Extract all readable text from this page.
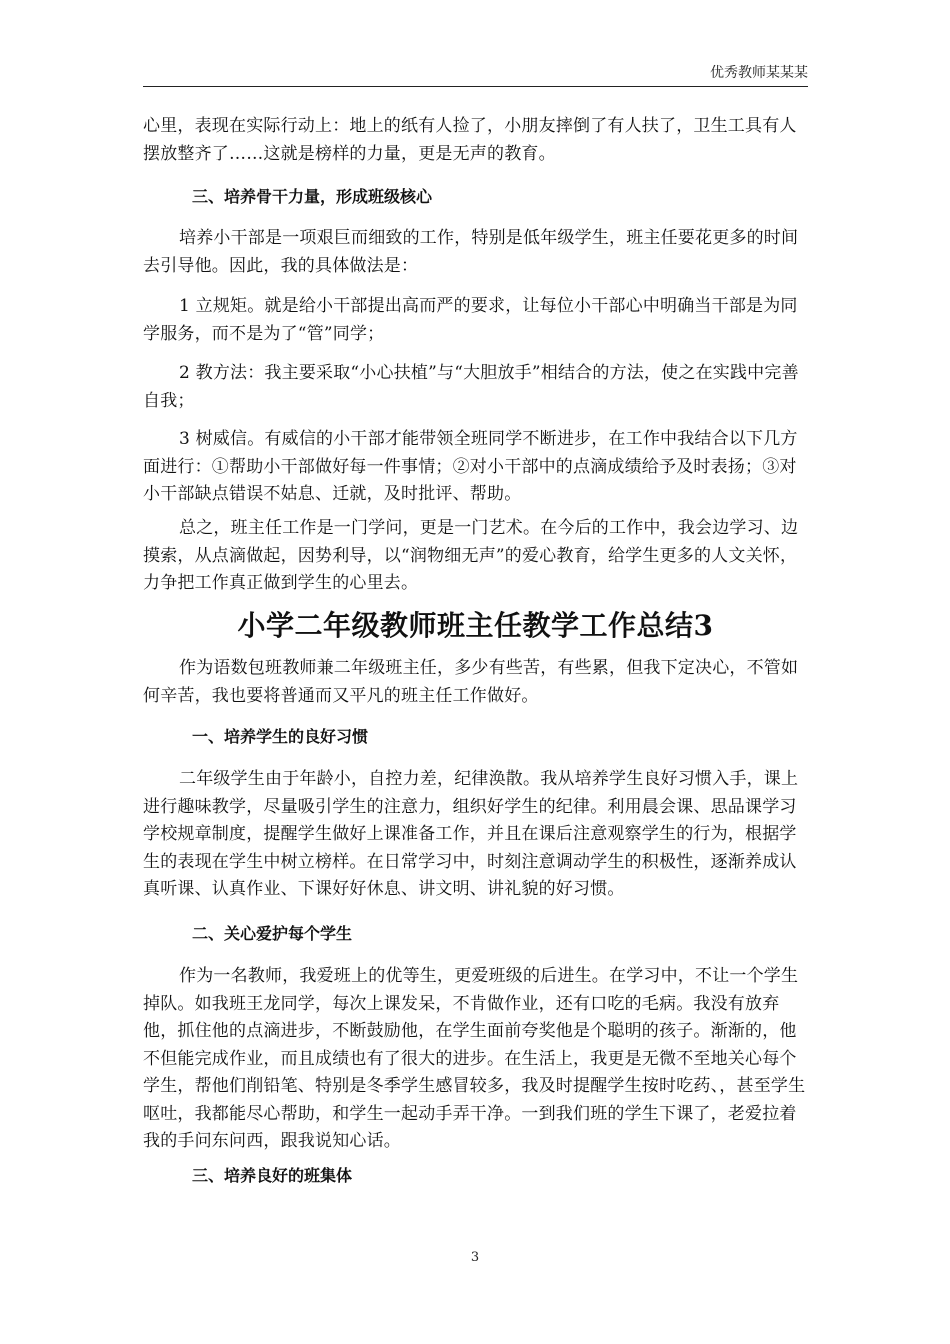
优秀教师某某某
心里，表现在实际行动上：地上的纸有人捡了，小朋友摔倒了有人扶了，卫生工具有人摆放整齐了……这就是榜样的力量，更是无声的教育。
三、培养骨干力量，形成班级核心
培养小干部是一项艰巨而细致的工作，特别是低年级学生，班主任要花更多的时间去引导他。因此，我的具体做法是：
1 立规矩。就是给小干部提出高而严的要求，让每位小干部心中明确当干部是为同学服务，而不是为了“管”同学；
2 教方法：我主要采取“小心扶植”与“大胆放手”相结合的方法，使之在实践中完善自我；
3 树威信。有威信的小干部才能带领全班同学不断进步，在工作中我结合以下几方面进行：①帮助小干部做好每一件事情；②对小干部中的点滴成绩给予及时表扬；③对小干部缺点错误不姑息、迁就，及时批评、帮助。
总之，班主任工作是一门学问，更是一门艺术。在今后的工作中，我会边学习、边摸索，从点滴做起，因势利导，以“润物细无声”的爱心教育，给学生更多的人文关怀，力争把工作真正做到学生的心里去。
小学二年级教师班主任教学工作总结3
作为语数包班教师兼二年级班主任，多少有些苦，有些累，但我下定决心，不管如何辛苦，我也要将普通而又平凡的班主任工作做好。
一、培养学生的良好习惯
二年级学生由于年龄小，自控力差，纪律涣散。我从培养学生良好习惯入手，课上进行趣味教学，尽量吸引学生的注意力，组织好学生的纪律。利用晨会课、思品课学习学校规章制度，提醒学生做好上课准备工作，并且在课后注意观察学生的行为，根据学生的表现在学生中树立榜样。在日常学习中，时刻注意调动学生的积极性，逐渐养成认真听课、认真作业、下课好好休息、讲文明、讲礼貌的好习惯。
二、关心爱护每个学生
作为一名教师，我爱班上的优等生，更爱班级的后进生。在学习中，不让一个学生掉队。如我班王龙同学，每次上课发呆，不肯做作业，还有口吃的毛病。我没有放弃他，抓住他的点滴进步，不断鼓励他，在学生面前夸奖他是个聪明的孩子。渐渐的，他不但能完成作业，而且成绩也有了很大的进步。在生活上，我更是无微不至地关心每个学生，帮他们削铅笔、特别是冬季学生感冒较多，我及时提醒学生按时吃药、，甚至学生呕吐，我都能尽心帮助，和学生一起动手弄干净。一到我们班的学生下课了，老爱拉着我的手问东问西，跟我说知心话。
三、培养良好的班集体
3
